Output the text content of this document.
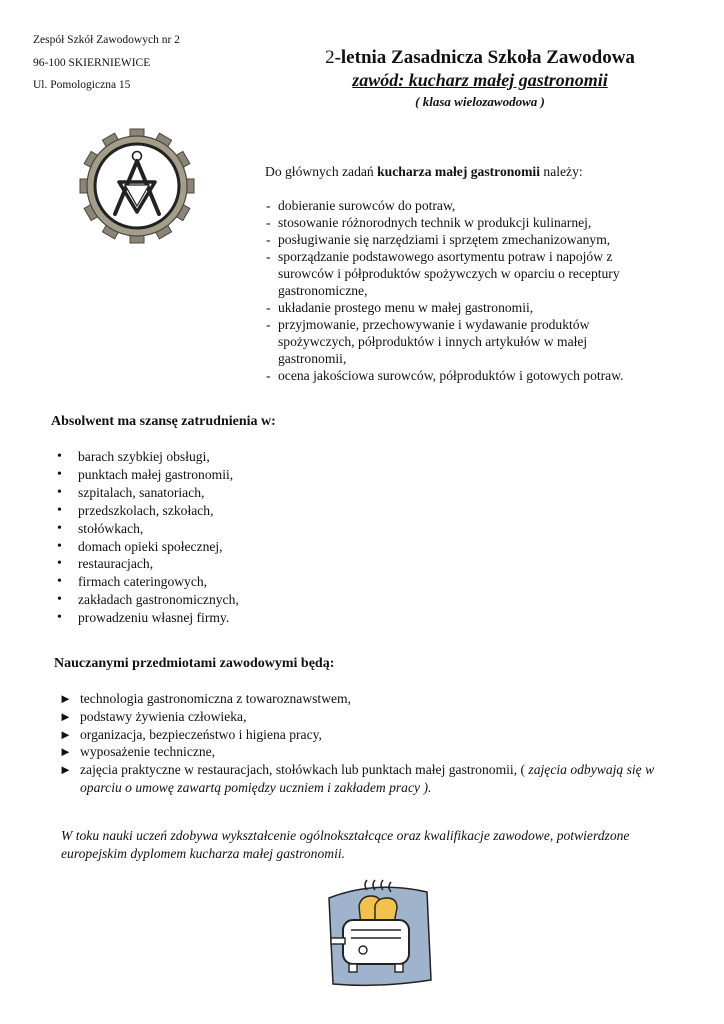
Zespół Szkół Zawodowych nr 2
96-100 SKIERNIEWICE
Ul. Pomologiczna 15
2-letnia Zasadnicza Szkoła Zawodowa
zawód: kucharz małej gastronomii
( klasa wielozawodowa )

Do głównych zadań kucharza małej gastronomii należy:

- dobieranie surowców do potraw,
- stosowanie różnorodnych technik w produkcji kulinarnej,
- posługiwanie się narzędziami i sprzętem zmechanizowanym,
- sporządzanie podstawowego asortymentu potraw i napojów z surowców i półproduktów spożywczych w oparciu o receptury gastronomiczne,
- układanie prostego menu w małej gastronomii,
- przyjmowanie, przechowywanie i wydawanie produktów spożywczych, półproduktów i innych artykułów w małej gastronomii,
- ocena jakościowa surowców, półproduktów i gotowych potraw.
Absolwent ma szansę zatrudnienia w:
• barach szybkiej obsługi,
• punktach małej gastronomii,
• szpitalach, sanatoriach,
• przedszkolach, szkołach,
• stołówkach,
• domach opieki społecznej,
• restauracjach,
• firmach cateringowych,
• zakładach gastronomicznych,
• prowadzeniu własnej firmy.
Nauczanymi przedmiotami zawodowymi będą:
► technologia gastronomiczna z towaroznawstwem,
► podstawy żywienia człowieka,
► organizacja, bezpieczeństwo i higiena pracy,
► wyposażenie techniczne,
► zajęcia praktyczne w restauracjach, stołówkach lub punktach małej gastronomii, ( zajęcia odbywają się w oparciu o umowę zawartą pomiędzy uczniem i zakładem pracy ).
W toku nauki uczeń zdobywa wykształcenie ogólnokształcące oraz kwalifikacje zawodowe, potwierdzone europejskim dyplomem kucharza małej gastronomii.
